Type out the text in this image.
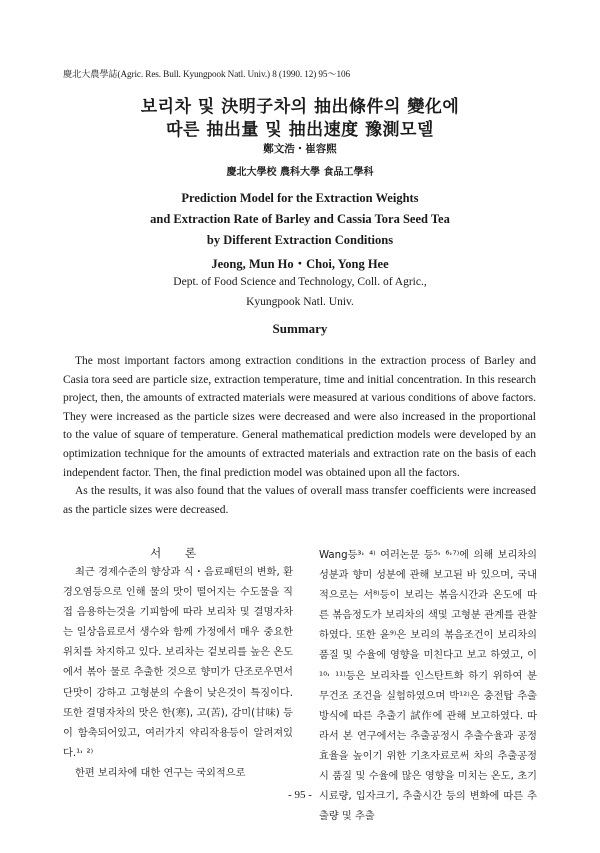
慶北大農學誌(Agric. Res. Bull. Kyungpook Natl. Univ.) 8 (1990. 12) 95～106
보리차 및 決明子차의 抽出條件의 變化에
따른 抽出量 및 抽出速度 豫測모델
鄭文浩・崔容熙
慶北大學校 農科大學 食品工學科
Prediction Model for the Extraction Weights
and Extraction Rate of Barley and Cassia Tora Seed Tea
by Different Extraction Conditions
Jeong, Mun Ho・Choi, Yong Hee
Dept. of Food Science and Technology, Coll. of Agric.,
Kyungpook Natl. Univ.
Summary

The most important factors among extraction conditions in the extraction process of Barley and Casia tora seed are particle size, extraction temperature, time and initial concentration. In this research project, then, the amounts of extracted materials were measured at various conditions of above factors. They were increased as the particle sizes were decreased and were also increased in the proportional to the value of square of temperature. General mathematical prediction models were developed by an optimization technique for the amounts of extracted materials and extraction rate on the basis of each independent factor. Then, the final prediction model was obtained upon all the factors.

As the results, it was also found that the values of overall mass transfer coefficients were increased as the particle sizes were decreased.

서 론

최근 경제수준의 향상과 식・음료패턴의 변화, 환경오염등으로 인해 물의 맛이 떨어지는 수도물을 직접 음용하는것을 기피함에 따라 보리차 및 결명자차는 일상음료로서 생수와 함께 가정에서 매우 중요한 위치를 차지하고 있다. 보리차는 겉보리를 높은 온도에서 볶아 물로 추출한 것으로 향미가 단조로우면서 단맛이 강하고 고형분의 수율이 낮은것이 특징이다. 또한 결명자차의 맛은 한(寒), 고(苦), 감미(甘味) 등이 함축되어있고, 여러가지 약리작용등이 알려져있다.¹˒ ²⁾

한편 보리차에 대한 연구는 국외적으로

Wang등³˒ ⁴⁾ 여러논문 등⁵˒ ⁶˒⁷⁾에 의해 보리차의 성분과 향미 성분에 관해 보고된 바 있으며, 국내적으로는 서⁸⁾등이 보리는 볶음시간과 온도에 따른 볶음정도가 보리차의 색및 고형분 관계를 관찰하였다. 또한 윤⁹⁾은 보리의 볶음조건이 보리차의 품질 및 수율에 영향을 미친다고 보고 하였고, 이¹⁰˒ ¹¹⁾등은 보리차를 인스탄트화 하기 위하여 분무건조 조건을 실험하였으며 박¹²⁾은 충전탑 추출방식에 따른 추출기 試作에 관해 보고하였다. 따라서 본 연구에서는 추출공정시 추출수율과 공정효율을 높이기 위한 기초자료로써 차의 추출공정시 품질 및 수율에 많은 영향을 미치는 온도, 초기시료량, 입자크기, 추출시간 등의 변화에 따른 추출량 및 추출

- 95 -
